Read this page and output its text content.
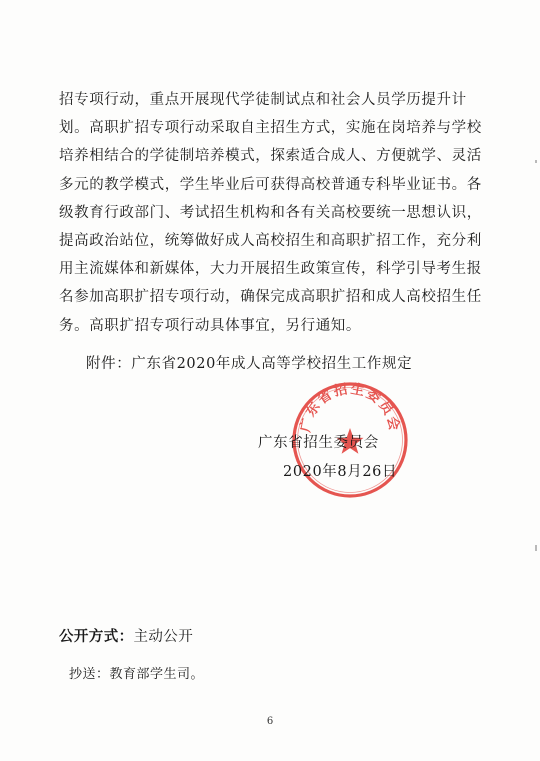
招专项行动，重点开展现代学徒制试点和社会人员学历提升计

划。高职扩招专项行动采取自主招生方式，实施在岗培养与学校

培养相结合的学徒制培养模式，探索适合成人、方便就学、灵活

多元的教学模式，学生毕业后可获得高校普通专科毕业证书。各

级教育行政部门、考试招生机构和各有关高校要统一思想认识，

提高政治站位，统筹做好成人高校招生和高职扩招工作，充分利

用主流媒体和新媒体，大力开展招生政策宣传，科学引导考生报

名参加高职扩招专项行动，确保完成高职扩招和成人高校招生任

务。高职扩招专项行动具体事宜，另行通知。

附件：广东省2020年成人高等学校招生工作规定
广东省招生委员会
广东省招生委员会
2020年8月26日
公开方式：主动公开
抄送：教育部学生司。
6
